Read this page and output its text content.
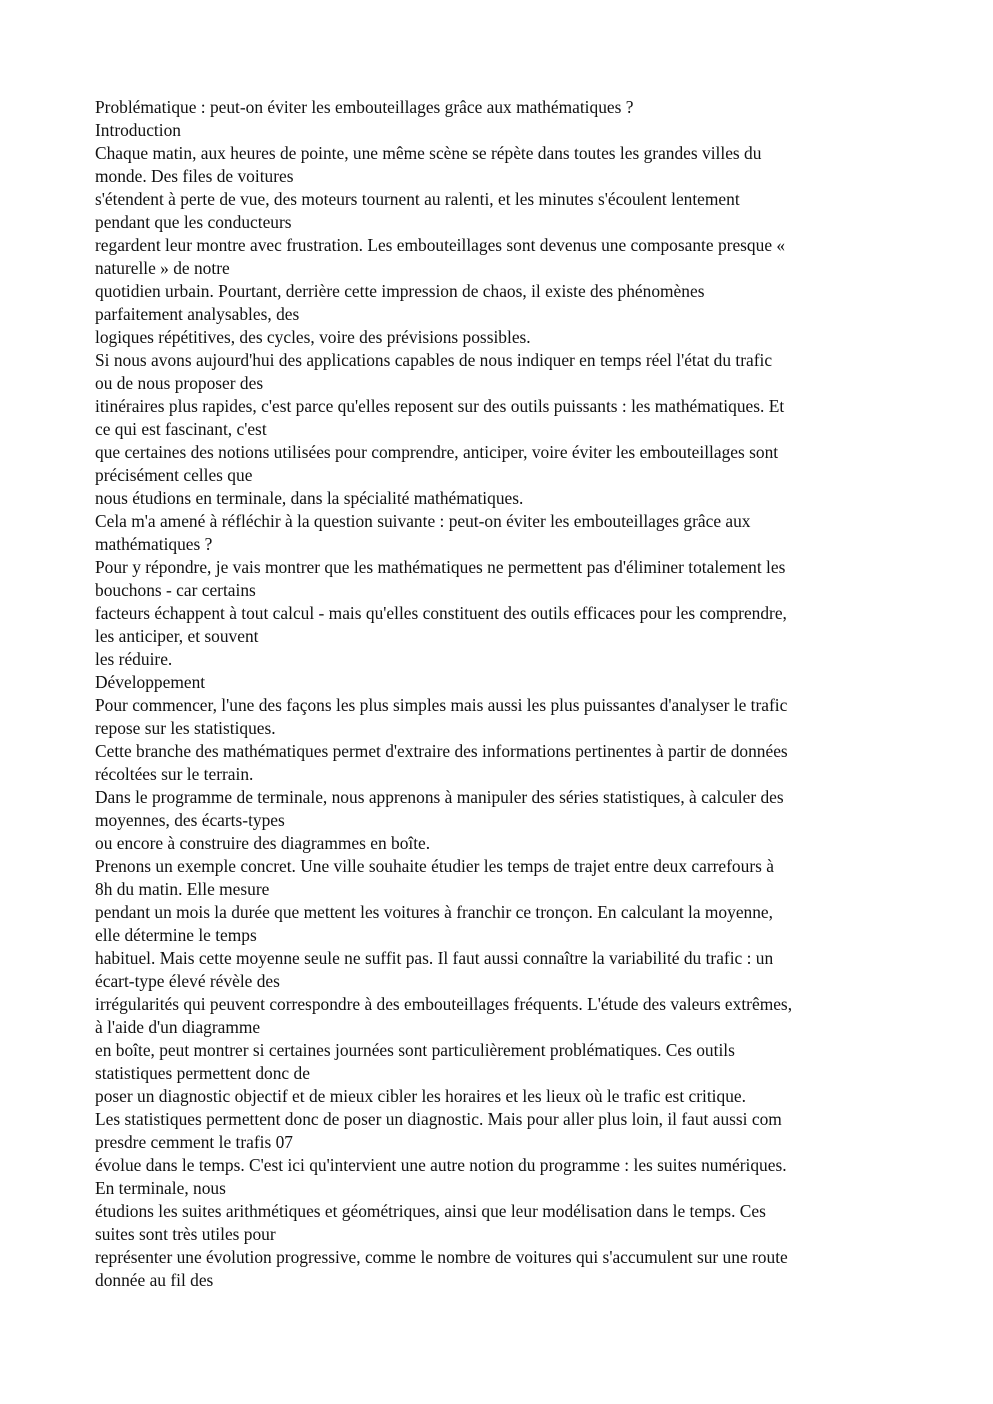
Problématique : peut-on éviter les embouteillages grâce aux mathématiques ?
Introduction
Chaque matin, aux heures de pointe, une même scène se répète dans toutes les grandes villes du
monde. Des files de voitures
s'étendent à perte de vue, des moteurs tournent au ralenti, et les minutes s'écoulent lentement
pendant que les conducteurs
regardent leur montre avec frustration. Les embouteillages sont devenus une composante presque «
naturelle » de notre
quotidien urbain. Pourtant, derrière cette impression de chaos, il existe des phénomènes
parfaitement analysables, des
logiques répétitives, des cycles, voire des prévisions possibles.
Si nous avons aujourd'hui des applications capables de nous indiquer en temps réel l'état du trafic
ou de nous proposer des
itinéraires plus rapides, c'est parce qu'elles reposent sur des outils puissants : les mathématiques. Et
ce qui est fascinant, c'est
que certaines des notions utilisées pour comprendre, anticiper, voire éviter les embouteillages sont
précisément celles que
nous étudions en terminale, dans la spécialité mathématiques.
Cela m'a amené à réfléchir à la question suivante : peut-on éviter les embouteillages grâce aux
mathématiques ?
Pour y répondre, je vais montrer que les mathématiques ne permettent pas d'éliminer totalement les
bouchons - car certains
facteurs échappent à tout calcul - mais qu'elles constituent des outils efficaces pour les comprendre,
les anticiper, et souvent
les réduire.
Développement
Pour commencer, l'une des façons les plus simples mais aussi les plus puissantes d'analyser le trafic
repose sur les statistiques.
Cette branche des mathématiques permet d'extraire des informations pertinentes à partir de données
récoltées sur le terrain.
Dans le programme de terminale, nous apprenons à manipuler des séries statistiques, à calculer des
moyennes, des écarts-types
ou encore à construire des diagrammes en boîte.
Prenons un exemple concret. Une ville souhaite étudier les temps de trajet entre deux carrefours à
8h du matin. Elle mesure
pendant un mois la durée que mettent les voitures à franchir ce tronçon. En calculant la moyenne,
elle détermine le temps
habituel. Mais cette moyenne seule ne suffit pas. Il faut aussi connaître la variabilité du trafic : un
écart-type élevé révèle des
irrégularités qui peuvent correspondre à des embouteillages fréquents. L'étude des valeurs extrêmes,
à l'aide d'un diagramme
en boîte, peut montrer si certaines journées sont particulièrement problématiques. Ces outils
statistiques permettent donc de
poser un diagnostic objectif et de mieux cibler les horaires et les lieux où le trafic est critique.
Les statistiques permettent donc de poser un diagnostic. Mais pour aller plus loin, il faut aussi com
presdre cemment le trafis 07
évolue dans le temps. C'est ici qu'intervient une autre notion du programme : les suites numériques.
En terminale, nous
étudions les suites arithmétiques et géométriques, ainsi que leur modélisation dans le temps. Ces
suites sont très utiles pour
représenter une évolution progressive, comme le nombre de voitures qui s'accumulent sur une route
donnée au fil des
